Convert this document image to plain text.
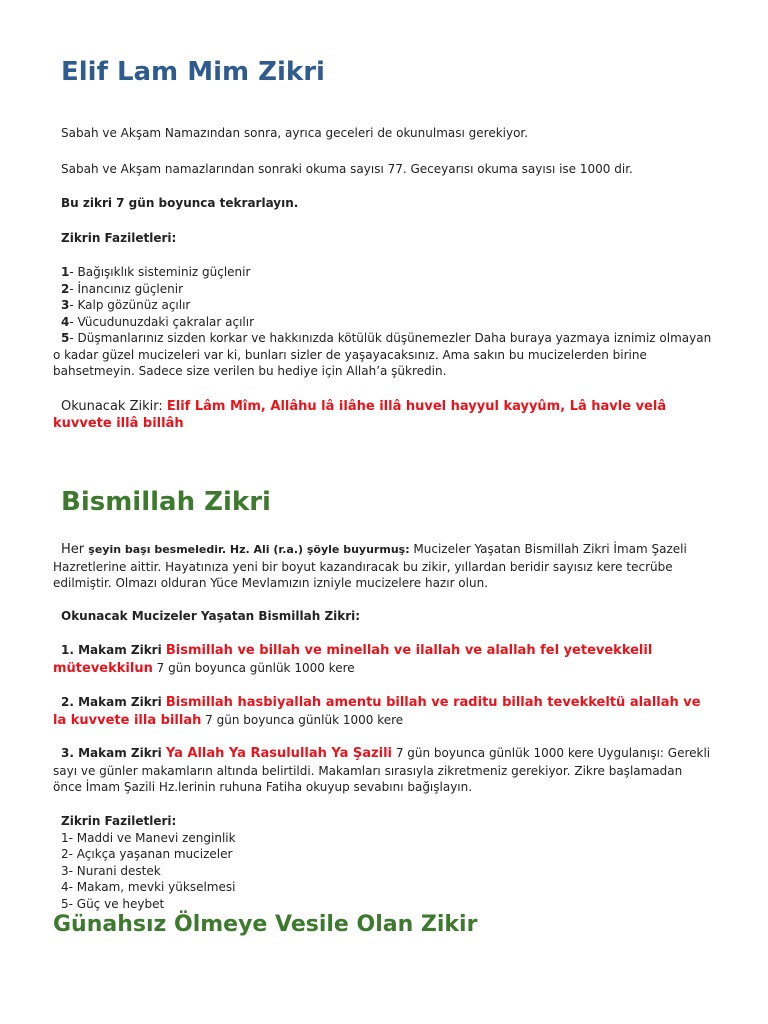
Elif Lam Mim Zikri

Sabah ve Akşam Namazından sonra, ayrıca geceleri de okunulması gerekiyor.

Sabah ve Akşam namazlarından sonraki okuma sayısı 77. Geceyarısı okuma sayısı ise 1000 dir.

Bu zikri 7 gün boyunca tekrarlayın.

Zikrin Faziletleri:

1- Bağışıklık sisteminiz güçlenir
2- İnancınız güçlenir
3- Kalp gözünüz açılır
4- Vücudunuzdaki çakralar açılır
5- Düşmanlarınız sizden korkar ve hakkınızda kötülük düşünemezler Daha buraya yazmaya iznimiz olmayan o kadar güzel mucizeleri var ki, bunları sizler de yaşayacaksınız. Ama sakın bu mucizelerden birine bahsetmeyin. Sadece size verilen bu hediye için Allah’a şükredin.

Okunacak Zikir: Elif Lâm Mîm, Allâhu lâ ilâhe illâ huvel hayyul kayyûm, Lâ havle velâ kuvvete illâ billâh

Bismillah Zikri

Her şeyin başı besmeledir. Hz. Ali (r.a.) şöyle buyurmuş: Mucizeler Yaşatan Bismillah Zikri İmam Şazeli Hazretlerine aittir. Hayatınıza yeni bir boyut kazandıracak bu zikir, yıllardan beridir sayısız kere tecrübe edilmiştir. Olmazı olduran Yüce Mevlamızın izniyle mucizelere hazır olun.

Okunacak Mucizeler Yaşatan Bismillah Zikri:

1. Makam Zikri Bismillah ve billah ve minellah ve ilallah ve alallah fel yetevekkelil mütevekkilun 7 gün boyunca günlük 1000 kere

2. Makam Zikri Bismillah hasbiyallah amentu billah ve raditu billah tevekkeltü alallah ve la kuvvete illa billah 7 gün boyunca günlük 1000 kere

3. Makam Zikri Ya Allah Ya Rasulullah Ya Şazili 7 gün boyunca günlük 1000 kere Uygulanışı: Gerekli sayı ve günler makamların altında belirtildi. Makamları sırasıyla zikretmeniz gerekiyor. Zikre başlamadan önce İmam Şazili Hz.lerinin ruhuna Fatiha okuyup sevabını bağışlayın.

Zikrin Faziletleri:
1- Maddi ve Manevi zenginlik
2- Açıkça yaşanan mucizeler
3- Nurani destek
4- Makam, mevki yükselmesi
5- Güç ve heybet
Günahsız Ölmeye Vesile Olan Zikir
